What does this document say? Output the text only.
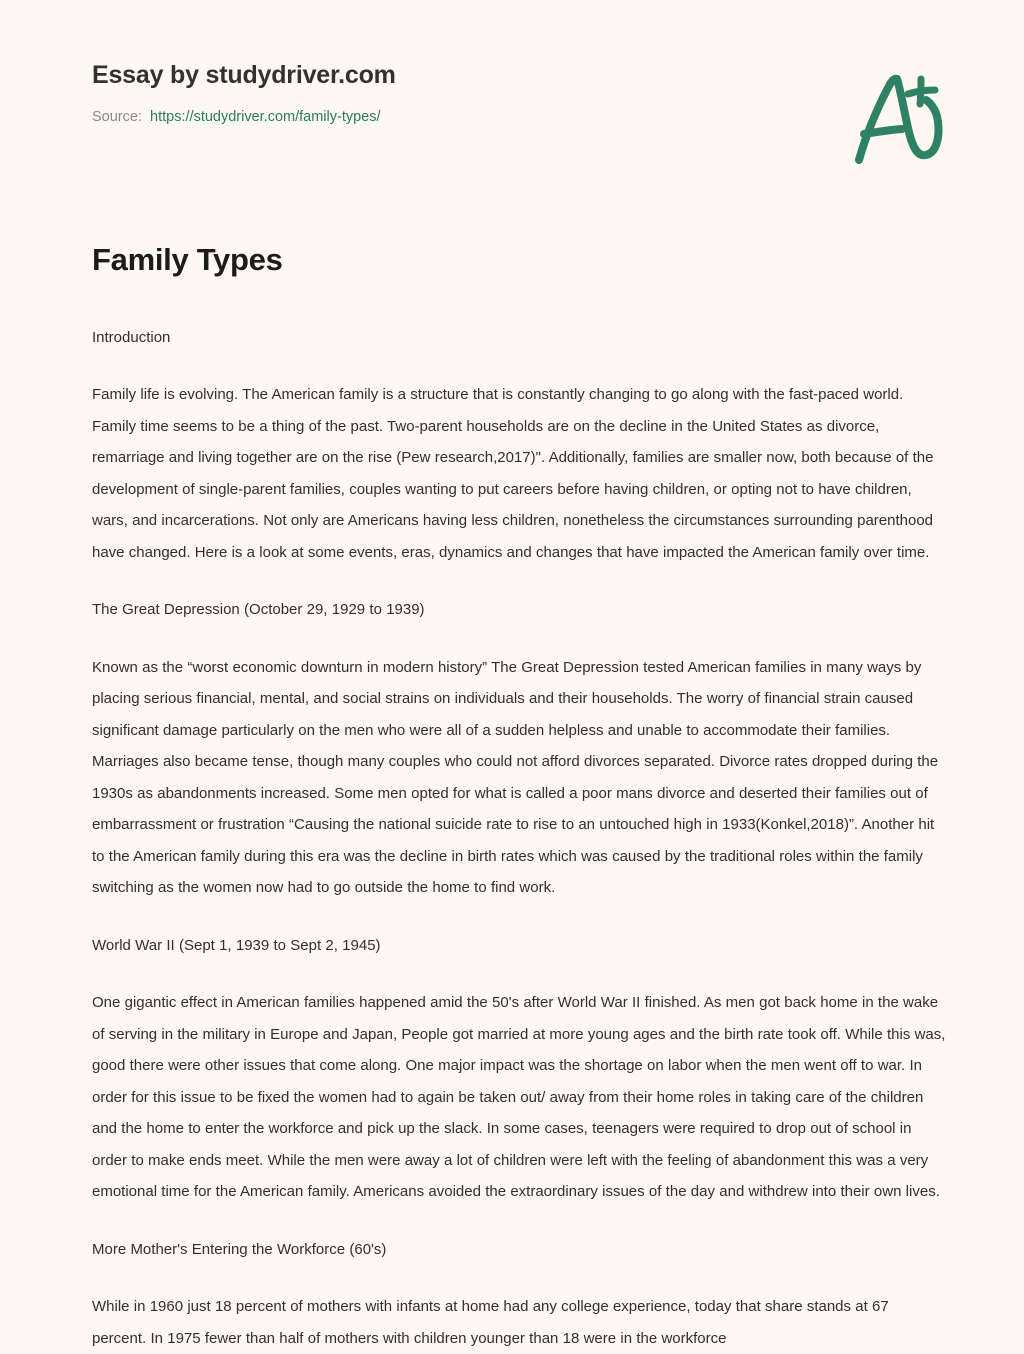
Essay by studydriver.com
Source: https://studydriver.com/family-types/
Family Types

Introduction

Family life is evolving. The American family is a structure that is constantly changing to go along with the fast-paced world. Family time seems to be a thing of the past. Two-parent households are on the decline in the United States as divorce, remarriage and living together are on the rise (Pew research,2017)". Additionally, families are smaller now, both because of the development of single-parent families, couples wanting to put careers before having children, or opting not to have children, wars, and incarcerations. Not only are Americans having less children, nonetheless the circumstances surrounding parenthood have changed. Here is a look at some events, eras, dynamics and changes that have impacted the American family over time.

The Great Depression (October 29, 1929 to 1939)

Known as the “worst economic downturn in modern history” The Great Depression tested American families in many ways by placing serious financial, mental, and social strains on individuals and their households. The worry of financial strain caused significant damage particularly on the men who were all of a sudden helpless and unable to accommodate their families. Marriages also became tense, though many couples who could not afford divorces separated. Divorce rates dropped during the 1930s as abandonments increased. Some men opted for what is called a poor mans divorce and deserted their families out of embarrassment or frustration “Causing the national suicide rate to rise to an untouched high in 1933(Konkel,2018)”. Another hit to the American family during this era was the decline in birth rates which was caused by the traditional roles within the family switching as the women now had to go outside the home to find work.

World War II (Sept 1, 1939 to Sept 2, 1945)

One gigantic effect in American families happened amid the 50's after World War II finished. As men got back home in the wake of serving in the military in Europe and Japan, People got married at more young ages and the birth rate took off. While this was, good there were other issues that come along. One major impact was the shortage on labor when the men went off to war. In order for this issue to be fixed the women had to again be taken out/ away from their home roles in taking care of the children and the home to enter the workforce and pick up the slack. In some cases, teenagers were required to drop out of school in order to make ends meet. While the men were away a lot of children were left with the feeling of abandonment this was a very emotional time for the American family. Americans avoided the extraordinary issues of the day and withdrew into their own lives.

More Mother's Entering the Workforce (60's)

While in 1960 just 18 percent of mothers with infants at home had any college experience, today that share stands at 67 percent. In 1975 fewer than half of mothers with children younger than 18 were in the workforce
